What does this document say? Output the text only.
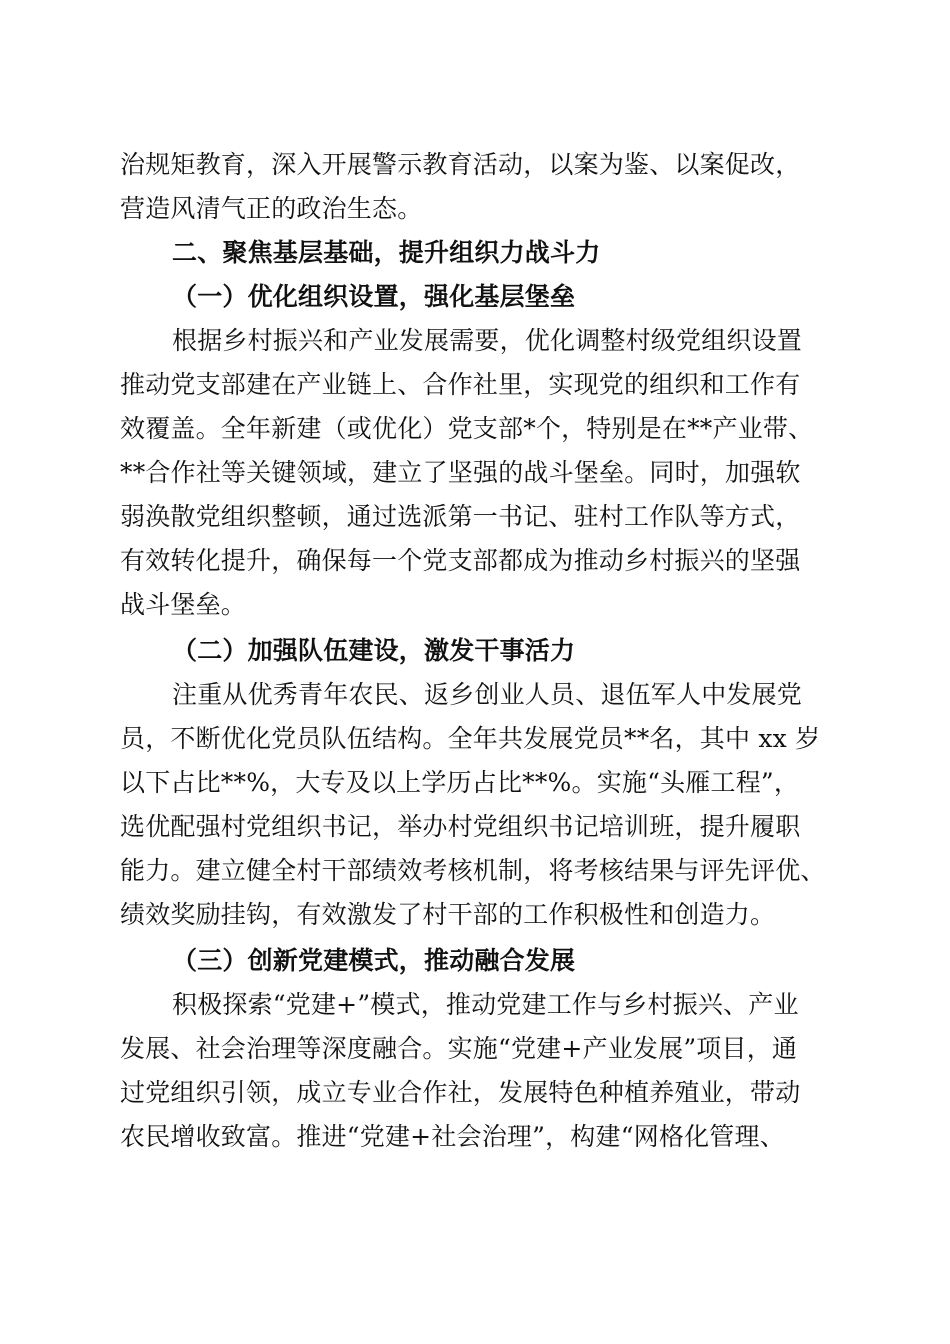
治规矩教育，深入开展警示教育活动，以案为鉴、以案促改，
营造风清气正的政治生态。
二、聚焦基层基础，提升组织力战斗力
（一）优化组织设置，强化基层堡垒
根据乡村振兴和产业发展需要，优化调整村级党组织设置
推动党支部建在产业链上、合作社里，实现党的组织和工作有
效覆盖。全年新建（或优化）党支部*个，特别是在**产业带、
**合作社等关键领域，建立了坚强的战斗堡垒。同时，加强软
弱涣散党组织整顿，通过选派第一书记、驻村工作队等方式，
有效转化提升，确保每一个党支部都成为推动乡村振兴的坚强
战斗堡垒。
（二）加强队伍建设，激发干事活力
注重从优秀青年农民、返乡创业人员、退伍军人中发展党
员，不断优化党员队伍结构。全年共发展党员**名，其中 xx 岁
以下占比**%，大专及以上学历占比**%。实施“头雁工程”，
选优配强村党组织书记，举办村党组织书记培训班，提升履职
能力。建立健全村干部绩效考核机制，将考核结果与评先评优、
绩效奖励挂钩，有效激发了村干部的工作积极性和创造力。
（三）创新党建模式，推动融合发展
积极探索“党建+”模式，推动党建工作与乡村振兴、产业
发展、社会治理等深度融合。实施“党建+产业发展”项目，通
过党组织引领，成立专业合作社，发展特色种植养殖业，带动
农民增收致富。推进“党建+社会治理”，构建“网格化管理、
